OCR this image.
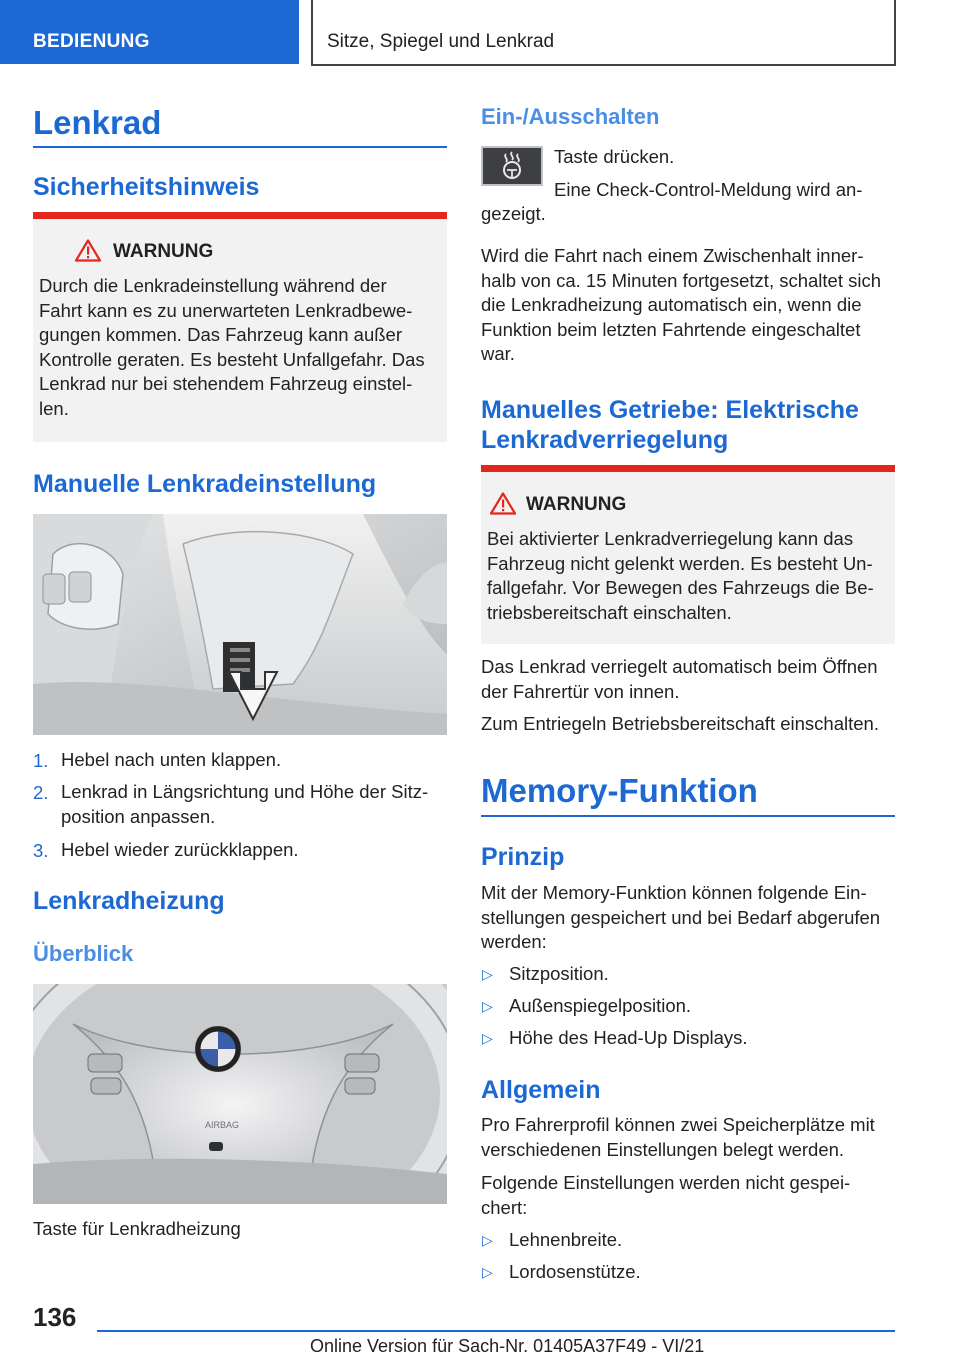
BEDIENUNG	Sitze, Spiegel und Lenkrad
Lenkrad
Sicherheitshinweis
WARNUNG
Durch die Lenkradeinstellung während der
Fahrt kann es zu unerwarteten Lenkradbewe-
gungen kommen. Das Fahrzeug kann außer
Kontrolle geraten. Es besteht Unfallgefahr. Das
Lenkrad nur bei stehendem Fahrzeug einstel-
len.
Manuelle Lenkradeinstellung
1. Hebel nach unten klappen.
2. Lenkrad in Längsrichtung und Höhe der Sitz-
position anpassen.
3. Hebel wieder zurückklappen.
Lenkradheizung
Überblick
AIRBAG
Taste für Lenkradheizung
Ein-/Ausschalten
Taste drücken.
Eine Check-Control-Meldung wird an-
gezeigt.
Wird die Fahrt nach einem Zwischenhalt inner-
halb von ca. 15 Minuten fortgesetzt, schaltet sich
die Lenkradheizung automatisch ein, wenn die
Funktion beim letzten Fahrtende eingeschaltet
war.
Manuelles Getriebe: Elektrische
Lenkradverriegelung
WARNUNG
Bei aktivierter Lenkradverriegelung kann das
Fahrzeug nicht gelenkt werden. Es besteht Un-
fallgefahr. Vor Bewegen des Fahrzeugs die Be-
triebsbereitschaft einschalten.
Das Lenkrad verriegelt automatisch beim Öffnen
der Fahrertür von innen.
Zum Entriegeln Betriebsbereitschaft einschalten.
Memory-Funktion
Prinzip
Mit der Memory-Funktion können folgende Ein-
stellungen gespeichert und bei Bedarf abgerufen
werden:
▷ Sitzposition.
▷ Außenspiegelposition.
▷ Höhe des Head-Up Displays.
Allgemein
Pro Fahrerprofil können zwei Speicherplätze mit
verschiedenen Einstellungen belegt werden.
Folgende Einstellungen werden nicht gespei-
chert:
▷ Lehnenbreite.
▷ Lordosenstütze.
136
Online Version für Sach-Nr. 01405A37F49 - VI/21
